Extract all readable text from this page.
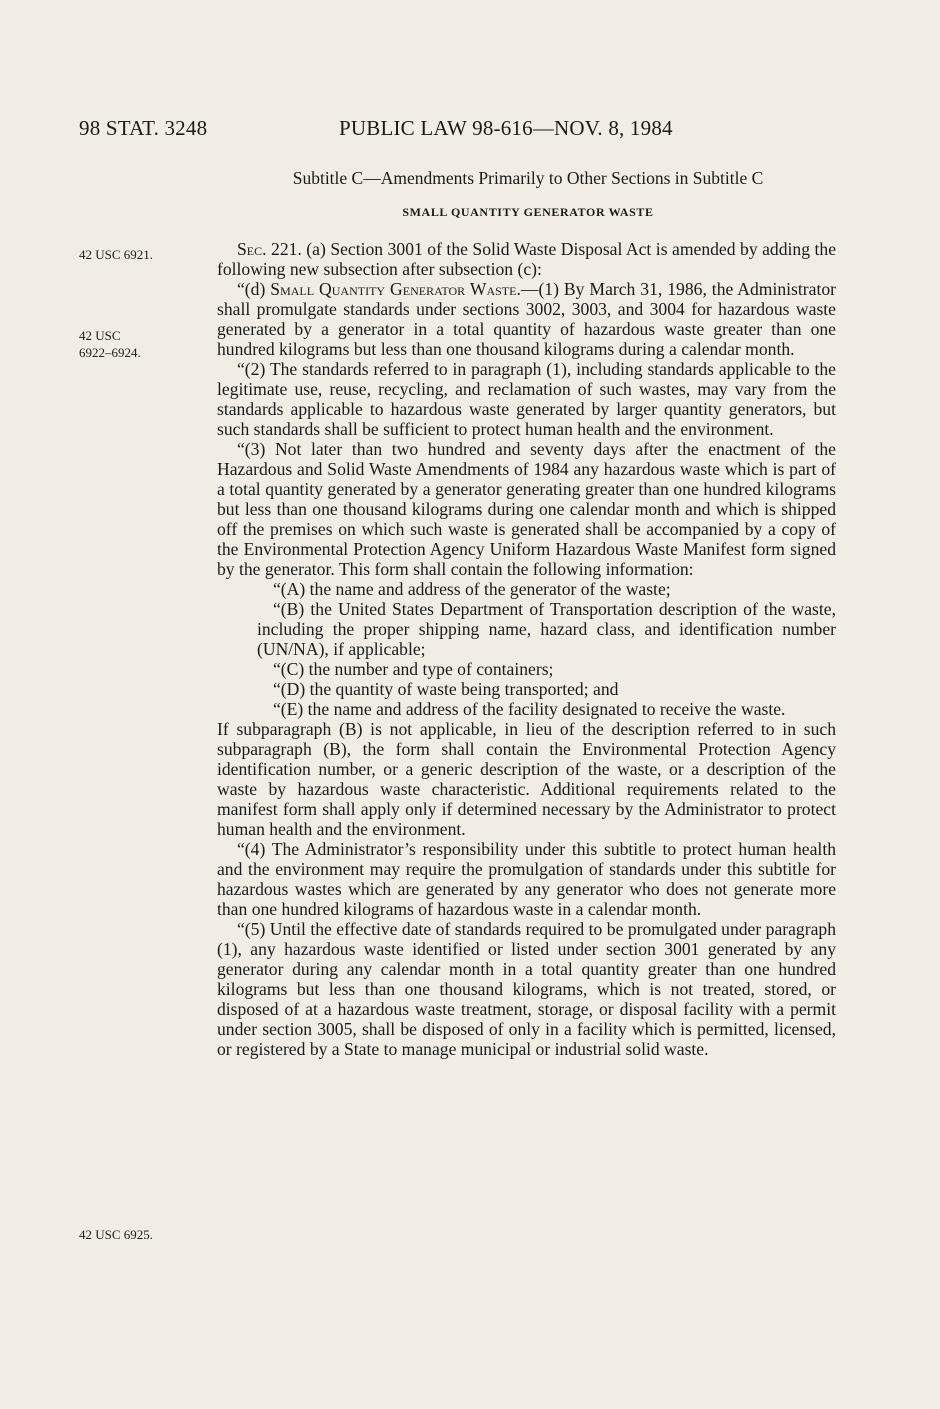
98 STAT. 3248	PUBLIC LAW 98-616—NOV. 8, 1984
Subtitle C—Amendments Primarily to Other Sections in Subtitle C
SMALL QUANTITY GENERATOR WASTE
42 USC 6921.
42 USC
6922–6924.
42 USC 6925.

Sec. 221. (a) Section 3001 of the Solid Waste Disposal Act is amended by adding the following new subsection after subsection (c):

“(d) Small Quantity Generator Waste.—(1) By March 31, 1986, the Administrator shall promulgate standards under sections 3002, 3003, and 3004 for hazardous waste generated by a generator in a total quantity of hazardous waste greater than one hundred kilograms but less than one thousand kilograms during a calendar month.

“(2) The standards referred to in paragraph (1), including standards applicable to the legitimate use, reuse, recycling, and reclamation of such wastes, may vary from the standards applicable to hazardous waste generated by larger quantity generators, but such standards shall be sufficient to protect human health and the environment.

“(3) Not later than two hundred and seventy days after the enactment of the Hazardous and Solid Waste Amendments of 1984 any hazardous waste which is part of a total quantity generated by a generator generating greater than one hundred kilograms but less than one thousand kilograms during one calendar month and which is shipped off the premises on which such waste is generated shall be accompanied by a copy of the Environmental Protection Agency Uniform Hazardous Waste Manifest form signed by the generator. This form shall contain the following information:

“(A) the name and address of the generator of the waste;

“(B) the United States Department of Transportation description of the waste, including the proper shipping name, hazard class, and identification number (UN/NA), if applicable;

“(C) the number and type of containers;

“(D) the quantity of waste being transported; and

“(E) the name and address of the facility designated to receive the waste.

If subparagraph (B) is not applicable, in lieu of the description referred to in such subparagraph (B), the form shall contain the Environmental Protection Agency identification number, or a generic description of the waste, or a description of the waste by hazardous waste characteristic. Additional requirements related to the manifest form shall apply only if determined necessary by the Administrator to protect human health and the environment.

“(4) The Administrator’s responsibility under this subtitle to protect human health and the environment may require the promulgation of standards under this subtitle for hazardous wastes which are generated by any generator who does not generate more than one hundred kilograms of hazardous waste in a calendar month.

“(5) Until the effective date of standards required to be promulgated under paragraph (1), any hazardous waste identified or listed under section 3001 generated by any generator during any calendar month in a total quantity greater than one hundred kilograms but less than one thousand kilograms, which is not treated, stored, or disposed of at a hazardous waste treatment, storage, or disposal facility with a permit under section 3005, shall be disposed of only in a facility which is permitted, licensed, or registered by a State to manage municipal or industrial solid waste.
